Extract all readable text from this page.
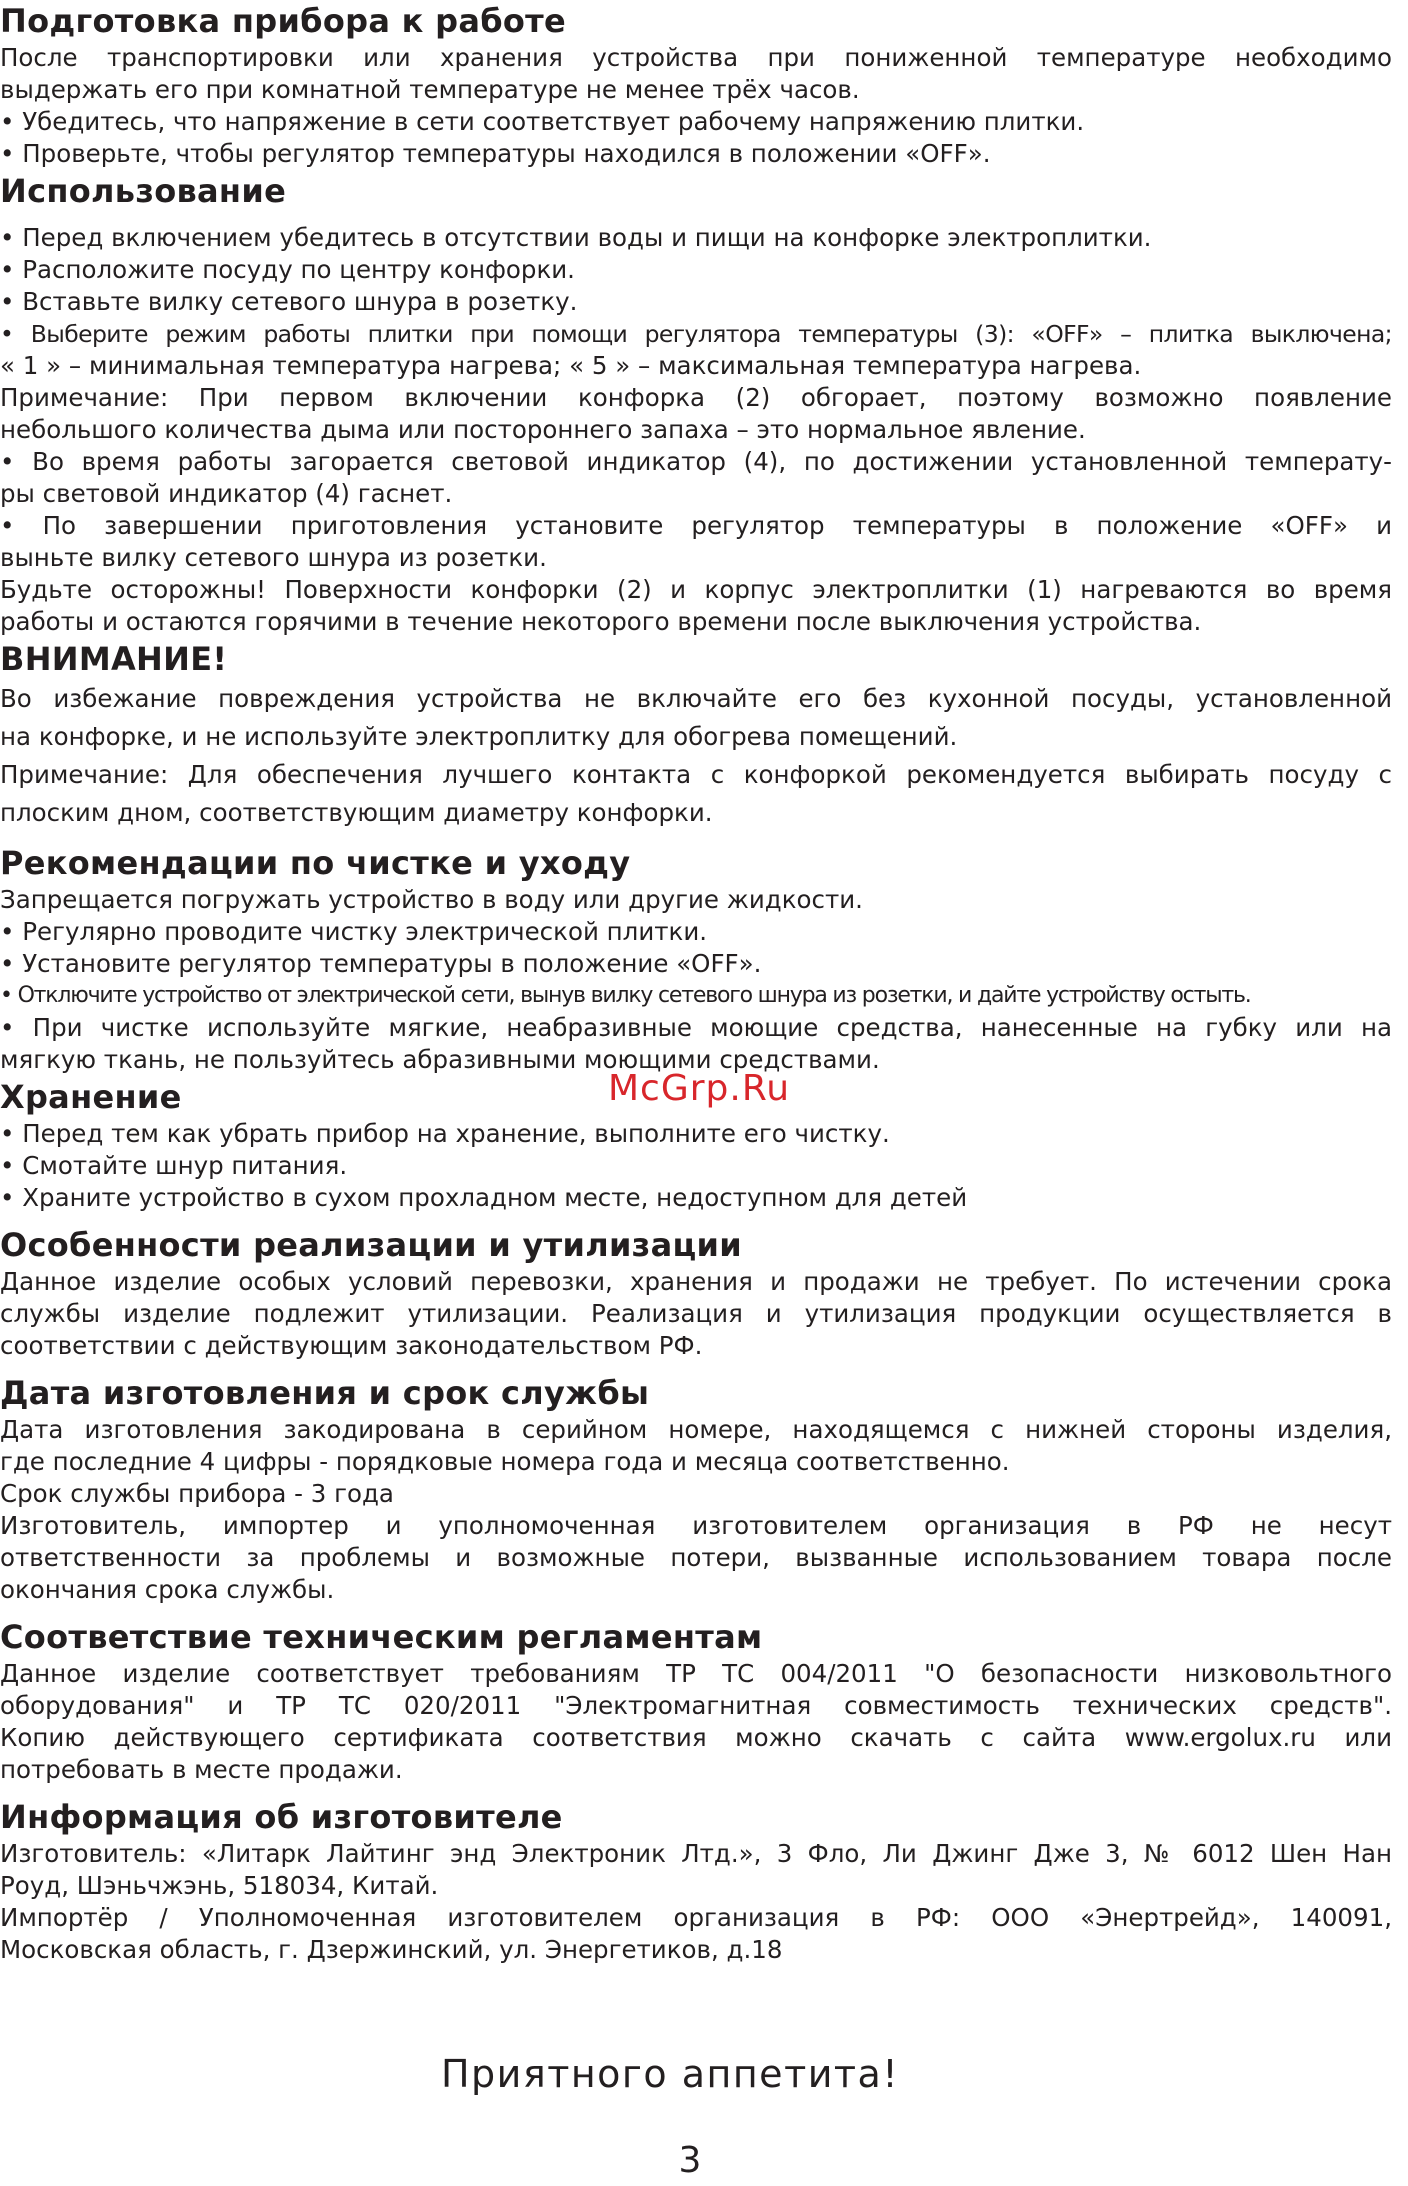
Подготовка прибора к работе

После транспортировки или хранения устройства при пониженной температуре необходимо

выдержать его при комнатной температуре не менее трёх часов.

• Убедитесь, что напряжение в сети соответствует рабочему напряжению плитки.

• Проверьте, чтобы регулятор температуры находился в положении «OFF».

Использование

• Перед включением убедитесь в отсутствии воды и пищи на конфорке электроплитки.

• Расположите посуду по центру конфорки.

• Вставьте вилку сетевого шнура в розетку.

• Выберите режим работы плитки при помощи регулятора температуры (3): «OFF» – плитка выключена;

« 1 » – минимальная температура нагрева; « 5 » – максимальная температура нагрева.

Примечание: При первом включении конфорка (2) обгорает, поэтому возможно появление

небольшого количества дыма или постороннего запаха – это нормальное явление.

• Во время работы загорается световой индикатор (4), по достижении установленной температу-

ры световой индикатор (4) гаснет.

• По завершении приготовления установите регулятор температуры в положение «OFF» и

выньте вилку сетевого шнура из розетки.

Будьте осторожны! Поверхности конфорки (2) и корпус электроплитки (1) нагреваются во время

работы и остаются горячими в течение некоторого времени после выключения устройства.

ВНИМАНИЕ!

Во избежание повреждения устройства не включайте его без кухонной посуды, установленной

на конфорке, и не используйте электроплитку для обогрева помещений.

Примечание: Для обеспечения лучшего контакта с конфоркой рекомендуется выбирать посуду с

плоским дном, соответствующим диаметру конфорки.

Рекомендации по чистке и уходу

Запрещается погружать устройство в воду или другие жидкости.

• Регулярно проводите чистку электрической плитки.

• Установите регулятор температуры в положение «OFF».

• Отключите устройство от электрической сети, вынув вилку сетевого шнура из розетки, и дайте устройству остыть.

• При чистке используйте мягкие, неабразивные моющие средства, нанесенные на губку или на

мягкую ткань, не пользуйтесь абразивными моющими средствами.

Хранение

• Перед тем как убрать прибор на хранение, выполните его чистку.

• Смотайте шнур питания.

• Храните устройство в сухом прохладном месте, недоступном для детей

Особенности реализации и утилизации

Данное изделие особых условий перевозки, хранения и продажи не требует. По истечении срока

службы изделие подлежит утилизации. Реализация и утилизация продукции осуществляется в

соответствии с действующим законодательством РФ.

Дата изготовления и срок службы

Дата изготовления закодирована в серийном номере, находящемся с нижней стороны изделия,

где последние 4 цифры - порядковые номера года и месяца соответственно.

Срок службы прибора - 3 года

Изготовитель, импортер и уполномоченная изготовителем организация в РФ не несут

ответственности за проблемы и возможные потери, вызванные использованием товара после

окончания срока службы.

Соответствие техническим регламентам

Данное изделие соответствует требованиям ТР ТС 004/2011 "О безопасности низковольтного

оборудования" и ТР ТС 020/2011 "Электромагнитная совместимость технических средств".

Копию действующего сертификата соответствия можно скачать с сайта www.ergolux.ru или

потребовать в месте продажи.

Информация об изготовителе

Изготовитель: «Литарк Лайтинг энд Электроник Лтд.», 3 Фло, Ли Джинг Дже 3, № 6012 Шен Нан

Роуд, Шэньчжэнь, 518034, Китай.

Импортёр / Уполномоченная изготовителем организация в РФ: ООО «Энертрейд», 140091,

Московская область, г. Дзержинский, ул. Энергетиков, д.18

McGrp.Ru
Приятного аппетита!
3
